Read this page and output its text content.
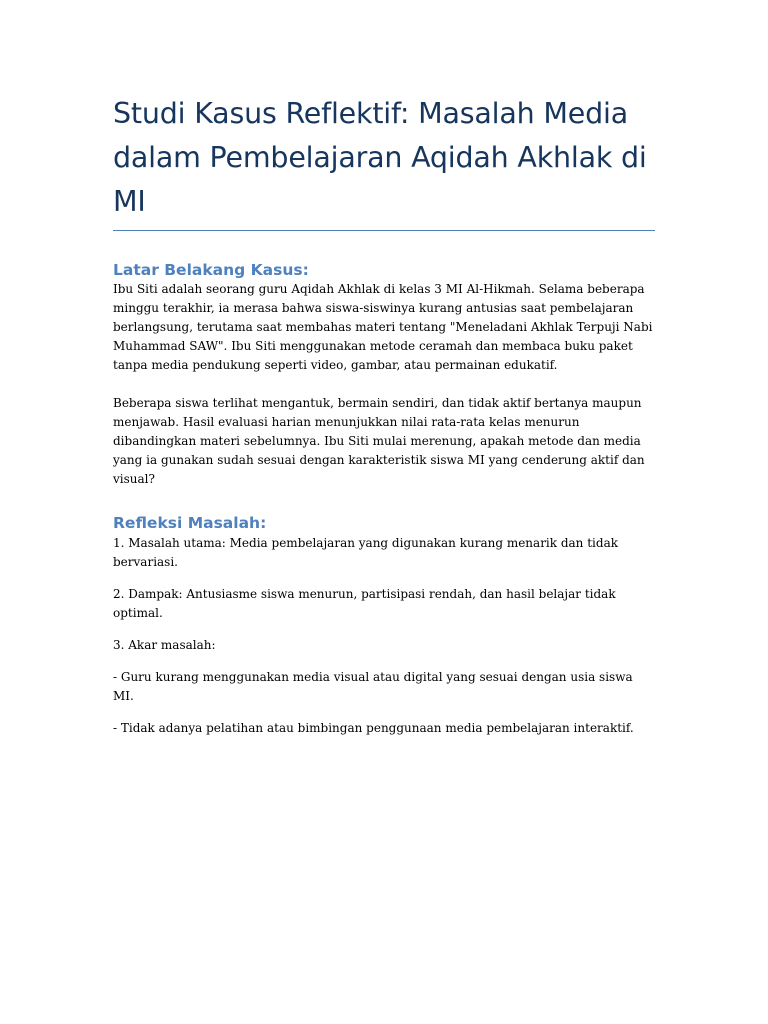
Studi Kasus Reflektif: Masalah Media dalam Pembelajaran Aqidah Akhlak di MI
Latar Belakang Kasus:

Ibu Siti adalah seorang guru Aqidah Akhlak di kelas 3 MI Al-Hikmah. Selama beberapa minggu terakhir, ia merasa bahwa siswa-siswinya kurang antusias saat pembelajaran berlangsung, terutama saat membahas materi tentang "Meneladani Akhlak Terpuji Nabi Muhammad SAW". Ibu Siti menggunakan metode ceramah dan membaca buku paket tanpa media pendukung seperti video, gambar, atau permainan edukatif.

Beberapa siswa terlihat mengantuk, bermain sendiri, dan tidak aktif bertanya maupun menjawab. Hasil evaluasi harian menunjukkan nilai rata-rata kelas menurun dibandingkan materi sebelumnya. Ibu Siti mulai merenung, apakah metode dan media yang ia gunakan sudah sesuai dengan karakteristik siswa MI yang cenderung aktif dan visual?

Refleksi Masalah:

1. Masalah utama: Media pembelajaran yang digunakan kurang menarik dan tidak bervariasi.

2. Dampak: Antusiasme siswa menurun, partisipasi rendah, dan hasil belajar tidak optimal.

3. Akar masalah:

- Guru kurang menggunakan media visual atau digital yang sesuai dengan usia siswa MI.

- Tidak adanya pelatihan atau bimbingan penggunaan media pembelajaran interaktif.
